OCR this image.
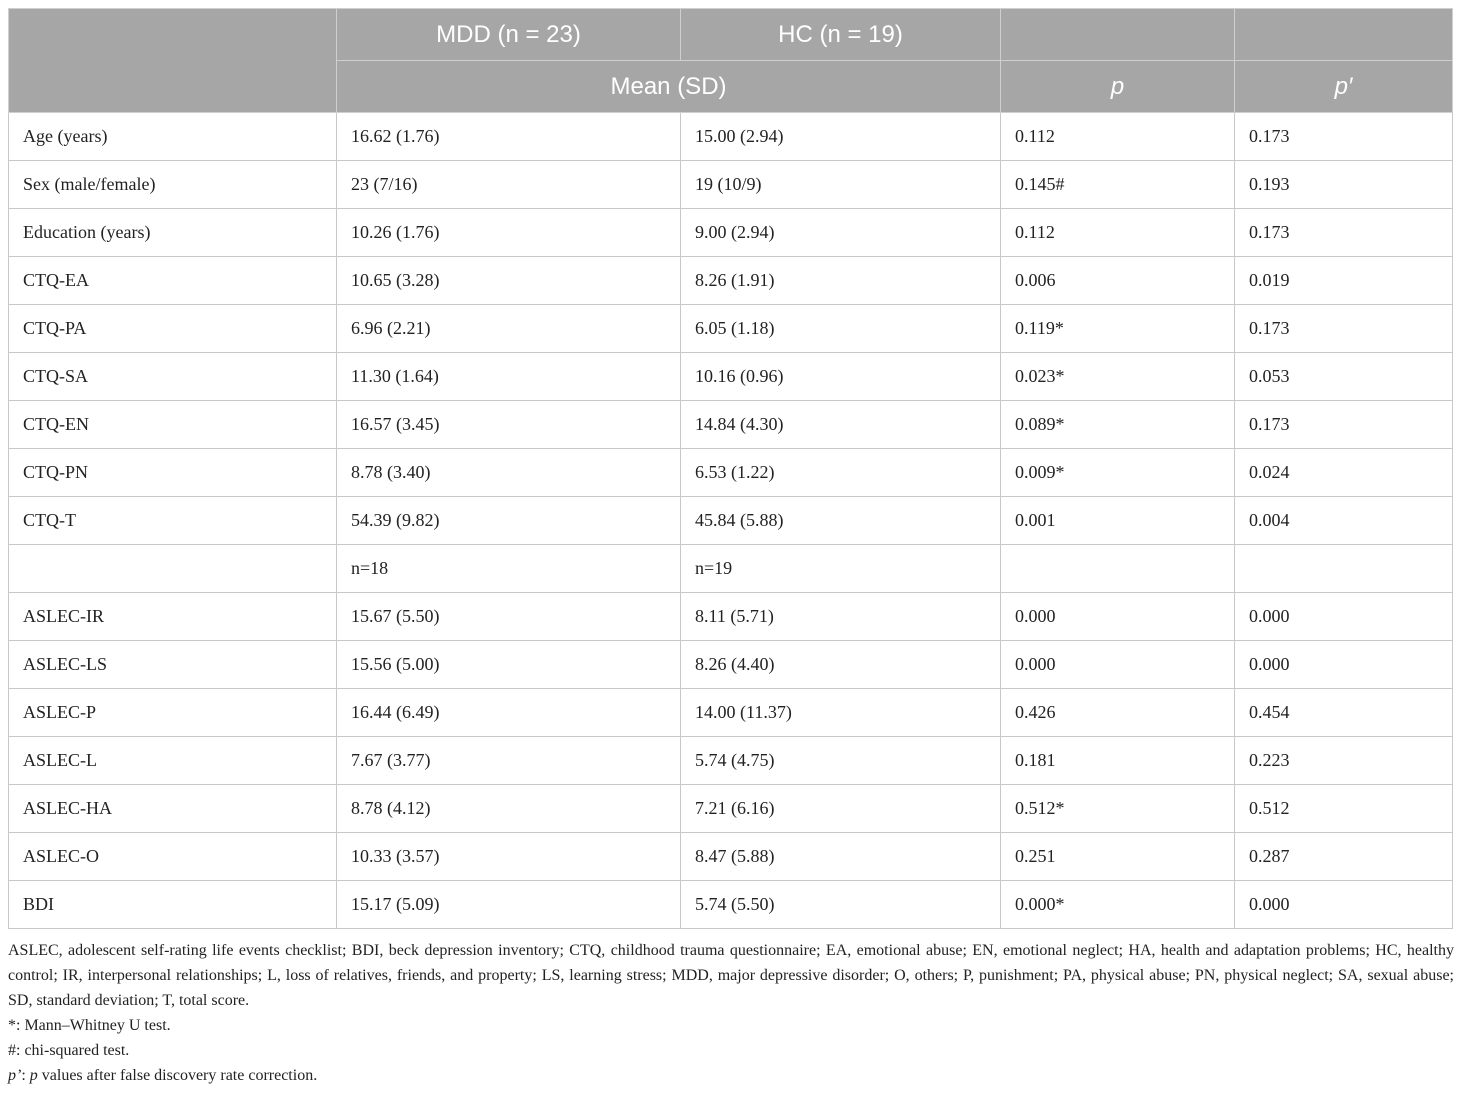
	MDD (n = 23)	HC (n = 19)		
	Mean (SD)		p	p′
Age (years)	16.62 (1.76)	15.00 (2.94)	0.112	0.173
Sex (male/female)	23 (7/16)	19 (10/9)	0.145#	0.193
Education (years)	10.26 (1.76)	9.00 (2.94)	0.112	0.173
CTQ-EA	10.65 (3.28)	8.26 (1.91)	0.006	0.019
CTQ-PA	6.96 (2.21)	6.05 (1.18)	0.119*	0.173
CTQ-SA	11.30 (1.64)	10.16 (0.96)	0.023*	0.053
CTQ-EN	16.57 (3.45)	14.84 (4.30)	0.089*	0.173
CTQ-PN	8.78 (3.40)	6.53 (1.22)	0.009*	0.024
CTQ-T	54.39 (9.82)	45.84 (5.88)	0.001	0.004
	n=18	n=19		
ASLEC-IR	15.67 (5.50)	8.11 (5.71)	0.000	0.000
ASLEC-LS	15.56 (5.00)	8.26 (4.40)	0.000	0.000
ASLEC-P	16.44 (6.49)	14.00 (11.37)	0.426	0.454
ASLEC-L	7.67 (3.77)	5.74 (4.75)	0.181	0.223
ASLEC-HA	8.78 (4.12)	7.21 (6.16)	0.512*	0.512
ASLEC-O	10.33 (3.57)	8.47 (5.88)	0.251	0.287
BDI	15.17 (5.09)	5.74 (5.50)	0.000*	0.000

ASLEC, adolescent self-rating life events checklist; BDI, beck depression inventory; CTQ, childhood trauma questionnaire; EA, emotional abuse; EN, emotional neglect; HA, health and adaptation problems; HC, healthy control; IR, interpersonal relationships; L, loss of relatives, friends, and property; LS, learning stress; MDD, major depressive disorder; O, others; P, punishment; PA, physical abuse; PN, physical neglect; SA, sexual abuse; SD, standard deviation; T, total score.

*: Mann–Whitney U test.

#: chi-squared test.

p’: p values after false discovery rate correction.
